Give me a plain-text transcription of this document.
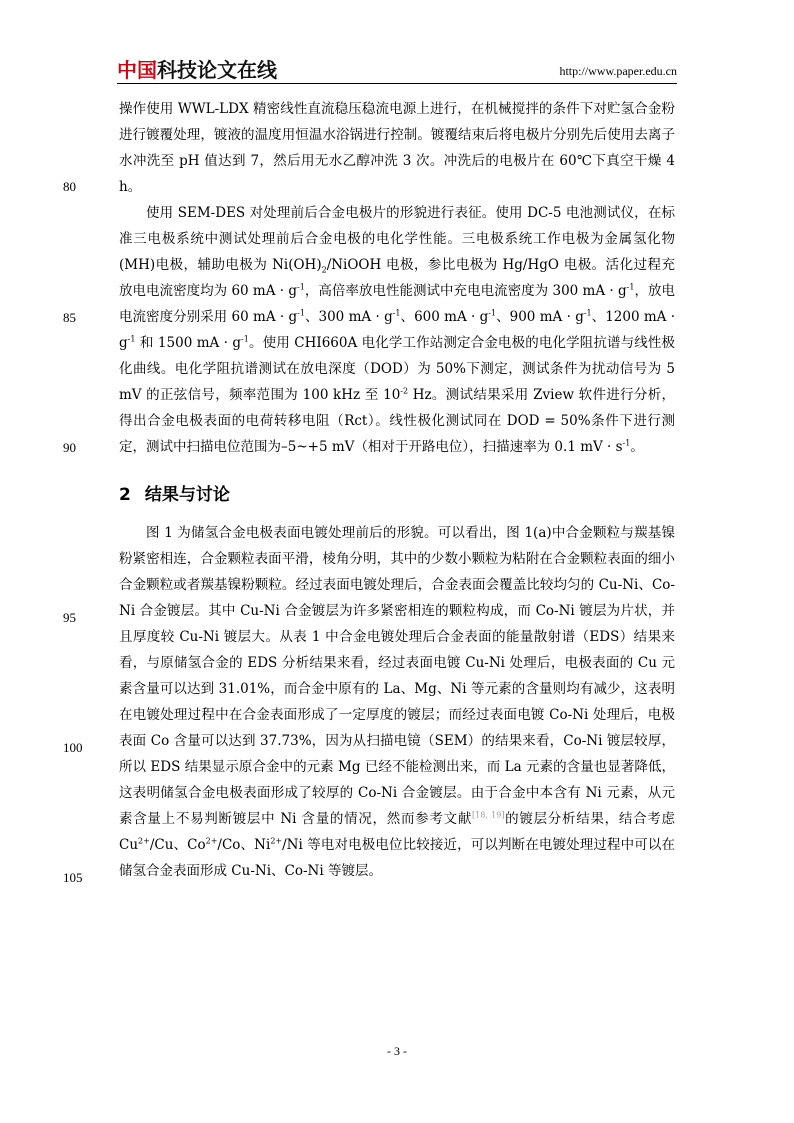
中国科技论文在线	http://www.paper.edu.cn
80
85
90
95
100
105

操作使用 WWL-LDX 精密线性直流稳压稳流电源上进行，在机械搅拌的条件下对贮氢合金粉进行镀覆处理，镀液的温度用恒温水浴锅进行控制。镀覆结束后将电极片分别先后使用去离子水冲洗至 pH 值达到 7，然后用无水乙醇冲洗 3 次。冲洗后的电极片在 60℃下真空干燥 4 h。

使用 SEM-DES 对处理前后合金电极片的形貌进行表征。使用 DC-5 电池测试仪，在标准三电极系统中测试处理前后合金电极的电化学性能。三电极系统工作电极为金属氢化物 (MH)电极，辅助电极为 $Ni(OH)_2$/NiOOH 电极，参比电极为 Hg/HgO 电极。活化过程充放电电流密度均为 60 mA · $g^{-1}$，高倍率放电性能测试中充电电流密度为 300 mA · $g^{-1}$，放电电流密度分别采用 60 mA · $g^{-1}$、300 mA · $g^{-1}$、600 mA · $g^{-1}$、900 mA · $g^{-1}$、1200 mA · $g^{-1}$ 和 1500 mA · $g^{-1}$。使用 CHI660A 电化学工作站测定合金电极的电化学阻抗谱与线性极化曲线。电化学阻抗谱测试在放电深度（DOD）为 50%下测定，测试条件为扰动信号为 5 mV 的正弦信号，频率范围为 100 kHz 至 $10^{-2}$ Hz。测试结果采用 Zview 软件进行分析，得出合金电极表面的电荷转移电阻（Rct）。线性极化测试同在 DOD = 50%条件下进行测定，测试中扫描电位范围为–5~+5 mV（相对于开路电位），扫描速率为 0.1 mV · $s^{-1}$。

2 结果与讨论

图 1 为储氢合金电极表面电镀处理前后的形貌。可以看出，图 1(a)中合金颗粒与羰基镍粉紧密相连，合金颗粒表面平滑，棱角分明，其中的少数小颗粒为粘附在合金颗粒表面的细小合金颗粒或者羰基镍粉颗粒。经过表面电镀处理后，合金表面会覆盖比较均匀的 Cu-Ni、Co-Ni 合金镀层。其中 Cu-Ni 合金镀层为许多紧密相连的颗粒构成，而 Co-Ni 镀层为片状，并且厚度较 Cu-Ni 镀层大。从表 1 中合金电镀处理后合金表面的能量散射谱（EDS）结果来看，与原储氢合金的 EDS 分析结果来看，经过表面电镀 Cu-Ni 处理后，电极表面的 Cu 元素含量可以达到 31.01%，而合金中原有的 La、Mg、Ni 等元素的含量则均有减少，这表明在电镀处理过程中在合金表面形成了一定厚度的镀层；而经过表面电镀 Co-Ni 处理后，电极表面 Co 含量可以达到 37.73%，因为从扫描电镜（SEM）的结果来看，Co-Ni 镀层较厚，所以 EDS 结果显示原合金中的元素 Mg 已经不能检测出来，而 La 元素的含量也显著降低，这表明储氢合金电极表面形成了较厚的 Co-Ni 合金镀层。由于合金中本含有 Ni 元素，从元素含量上不易判断镀层中 Ni 含量的情况，然而参考文献[18, 19]的镀层分析结果，结合考虑 $Cu^{2+}/Cu$、$Co^{2+}/Co$、$Ni^{2+}/Ni$ 等电对电极电位比较接近，可以判断在电镀处理过程中可以在储氢合金表面形成 Cu-Ni、Co-Ni 等镀层。

- 3 -
